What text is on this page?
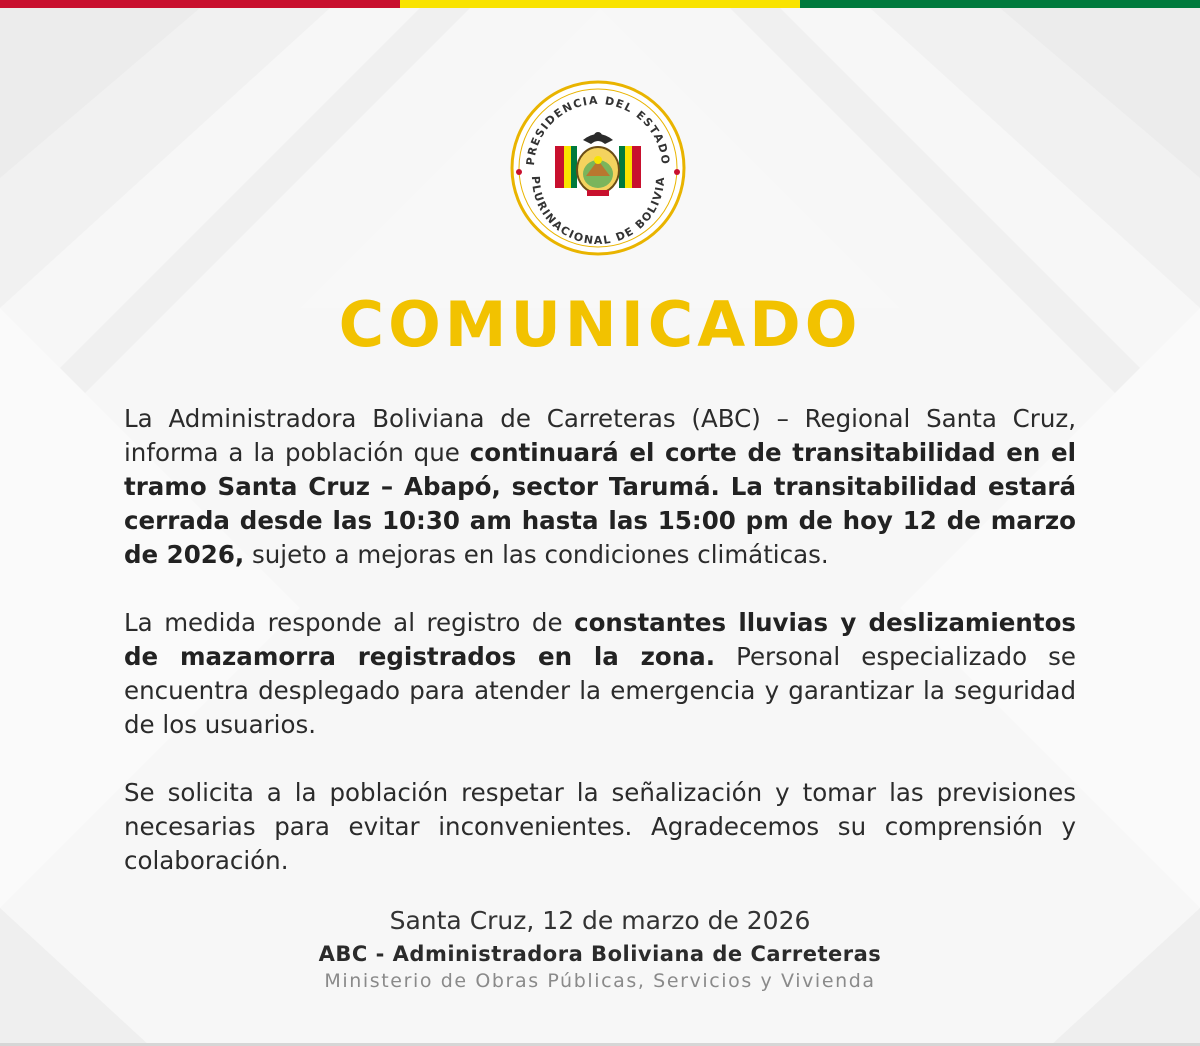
PRESIDENCIA DEL ESTADO
PLURINACIONAL DE BOLIVIA
COMUNICADO

La Administradora Boliviana de Carreteras (ABC) – Regional Santa Cruz, informa a la población que continuará el corte de transitabilidad en el tramo Santa Cruz – Abapó, sector Tarumá. La transitabilidad estará cerrada desde las 10:30 am hasta las 15:00 pm de hoy 12 de marzo de 2026, sujeto a mejoras en las condiciones climáticas.

La medida responde al registro de constantes lluvias y deslizamientos de mazamorra registrados en la zona. Personal especializado se encuentra desplegado para atender la emergencia y garantizar la seguridad de los usuarios.

Se solicita a la población respetar la señalización y tomar las previsiones necesarias para evitar inconvenientes. Agradecemos su comprensión y colaboración.

Santa Cruz, 12 de marzo de 2026
ABC - Administradora Boliviana de Carreteras
Ministerio de Obras Públicas, Servicios y Vivienda
